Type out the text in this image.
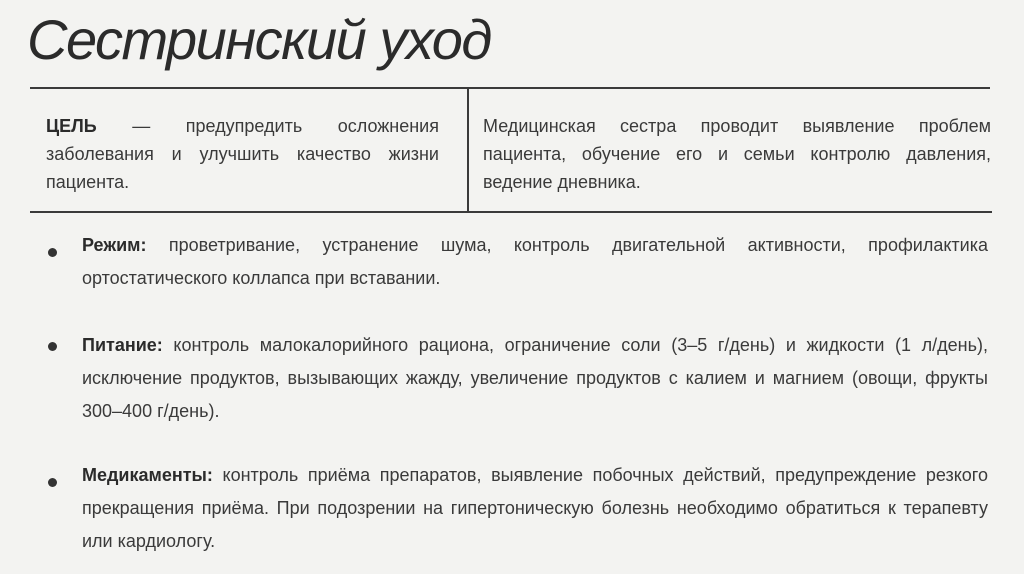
Сестринский уход
ЦЕЛЬ — предупредить осложнения заболевания и улучшить качество жизни пациента.
Медицинская сестра проводит выявление проблем пациента, обучение его и семьи контролю давления, ведение дневника.
Режим: проветривание, устранение шума, контроль двигательной активности, профилактика ортостатического коллапса при вставании.
Питание: контроль малокалорийного рациона, ограничение соли (3–5 г/день) и жидкости (1 л/день), исключение продуктов, вызывающих жажду, увеличение продуктов с калием и магнием (овощи, фрукты 300–400 г/день).
Медикаменты: контроль приёма препаратов, выявление побочных действий, предупреждение резкого прекращения приёма. При подозрении на гипертоническую болезнь необходимо обратиться к терапевту или кардиологу.
